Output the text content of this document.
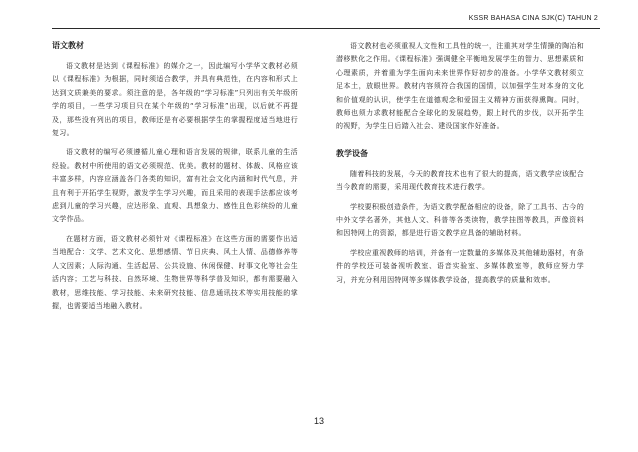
KSSR BAHASA CINA SJK(C) TAHUN 2
语文教材

语文教材是达到《课程标准》的媒介之一，因此编写小学华文教材必须以《课程标准》为根据，同时须适合教学，并具有典范性，在内容和形式上达到文质兼美的要求。须注意的是，各年级的“学习标准”只列出有关年级所学的项目，一些学习项目只在某个年级的“学习标准”出现，以后就不再提及，那些没有列出的项目，教师还是有必要根据学生的掌握程度适当地进行复习。

语文教材的编写必须遵循儿童心理和语言发展的规律，联系儿童的生活经验。教材中所使用的语文必须规范、优美。教材的题材、体裁、风格应该丰富多样，内容应涵盖各门各类的知识，富有社会文化内涵和时代气息，并且有利于开拓学生视野，激发学生学习兴趣，而且采用的表现手法都应该考虑到儿童的学习兴趣，应达形象、直观、具想象力、感性且色彩缤纷的儿童文学作品。

在题材方面，语文教材必须针对《课程标准》在这些方面的需要作出适当地配合：文学、艺术文化、思想感情、节日庆典、风土人情、品德修养等人文因素；人际沟通、生活起居、公共设施、休闲保健、时事文化等社会生活内容；工艺与科技、自然环境、生物世界等科学普及知识，都有需要融入教材，思维技能、学习技能、未来研究技能、信息通讯技术等实用技能的掌握，也需要适当地融入教材。

语文教材也必须重视人文性和工具性的统一，注重其对学生情操的陶冶和潜移默化之作用。《课程标准》强调健全平衡地发展学生的智力、思想素质和心理素质，并着重为学生面向未来世界作好初步的准备。小学华文教材须立足本土，放眼世界。教材内容须符合我国的国情，以加强学生对本身的文化和价值观的认识，使学生在道德观念和爱国主义精神方面获得熏陶。同时，教师也须力求教材能配合全球化的发展趋势，跟上时代的步伐，以开拓学生的视野，为学生日后踏入社会、建设国家作好准备。

教学设备

随着科技的发展，今天的教育技术也有了很大的提高，语文教学应该配合当今教育的需要，采用现代教育技术进行教学。

学校要积极创造条件，为语文教学配备相应的设备，除了工具书、古今的中外文学名著外，其他人文、科普等各类读物，教学挂图等教具，声像资料和因特网上的资源，都是进行语文教学应具备的辅助材料。

学校应重视教师的培训，并备有一定数量的多媒体及其他辅助器材，有条件的学校还可装备视听教室、语音实验室、多媒体教室等，教师应努力学习，并充分利用因特网等多媒体教学设备，提高教学的质量和效率。

13
